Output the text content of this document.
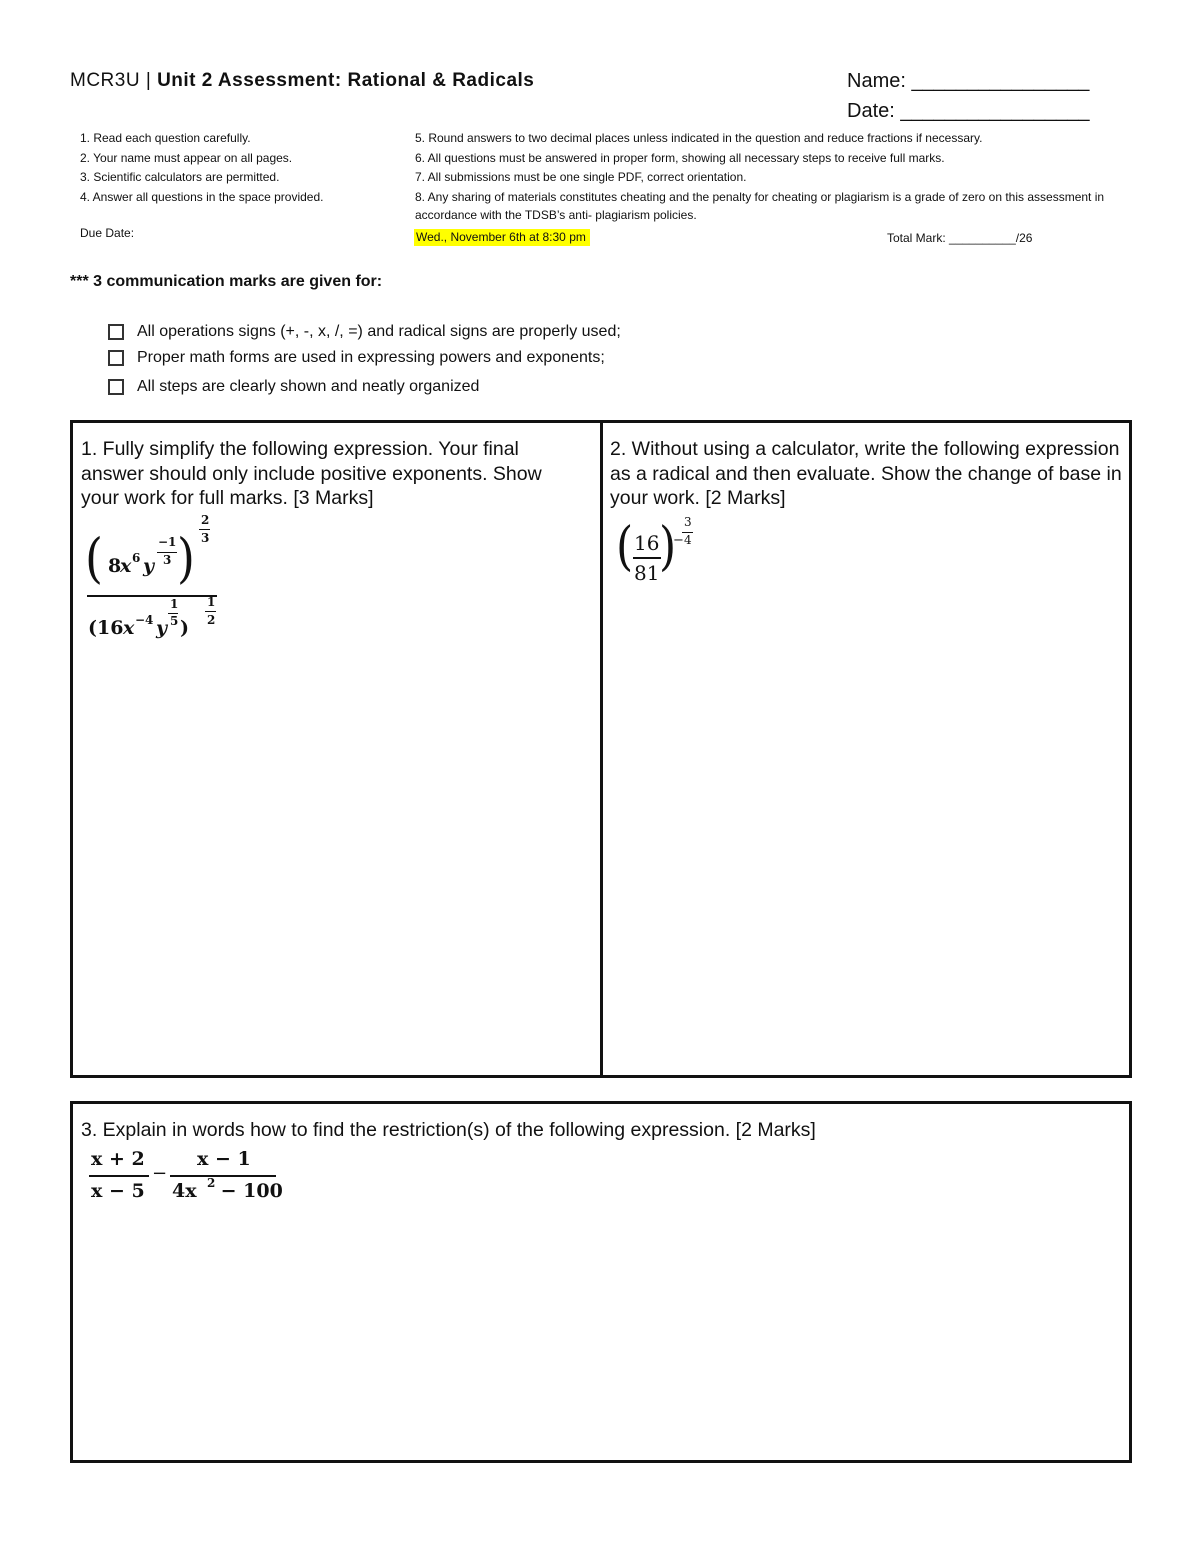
MCR3U | Unit 2 Assessment: Rational & Radicals	Name: ________________
Date: _________________
1. Read each question carefully.
2. Your name must appear on all pages.
3. Scientific calculators are permitted.
4. Answer all questions in the space provided.
5. Round answers to two decimal places unless indicated in the question and reduce fractions if necessary.
6. All questions must be answered in proper form, showing all necessary steps to receive full marks.
7. All submissions must be one single PDF, correct orientation.
8. Any sharing of materials constitutes cheating and the penalty for cheating or plagiarism is a grade of zero on this assessment in accordance with the TDSB’s anti- plagiarism policies.
Due Date:	Wed., November 6th at 8:30 pm	Total Mark: __________/26
*** 3 communication marks are given for:
All operations signs (+, -, x, /, =) and radical signs are properly used;
Proper math forms are used in expressing powers and exponents;
All steps are clearly shown and neatly organized
1. Fully simplify the following expression. Your final answer should only include positive exponents. Show your work for full marks. [3 Marks]
( 8
x 6 y
−1
3 )
2
3
(16 x −4 y
1
5 )
1
2
2. Without using a calculator, write the following expression as a radical and then evaluate. Show the change of base in your work. [2 Marks]
( 16
81 )
−
3
4
3. Explain in words how to find the restriction(s) of the following expression. [2 Marks]
x + 2
x − 5
−
x − 1
4x 2
− 100
